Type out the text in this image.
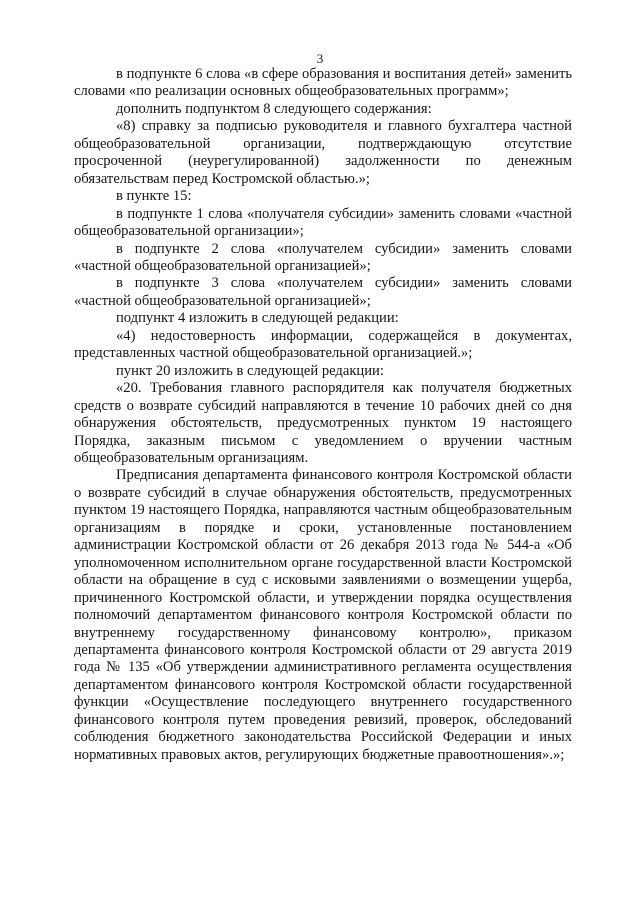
3

в подпункте 6 слова «в сфере образования и воспитания детей» заменить словами «по реализации основных общеобразовательных программ»;

дополнить подпунктом 8 следующего содержания:

«8) справку за подписью руководителя и главного бухгалтера частной общеобразовательной организации, подтверждающую отсутствие просроченной (неурегулированной) задолженности по денежным обязательствам перед Костромской областью.»;

в пункте 15:

в подпункте 1 слова «получателя субсидии» заменить словами «частной общеобразовательной организации»;

в подпункте 2 слова «получателем субсидии» заменить словами «частной общеобразовательной организацией»;

в подпункте 3 слова «получателем субсидии» заменить словами «частной общеобразовательной организацией»;

подпункт 4 изложить в следующей редакции:

«4) недостоверность информации, содержащейся в документах, представленных частной общеобразовательной организацией.»;

пункт 20 изложить в следующей редакции:

«20. Требования главного распорядителя как получателя бюджетных средств о возврате субсидий направляются в течение 10 рабочих дней со дня обнаружения обстоятельств, предусмотренных пунктом 19 настоящего Порядка, заказным письмом с уведомлением о вручении частным общеобразовательным организациям.

Предписания департамента финансового контроля Костромской области о возврате субсидий в случае обнаружения обстоятельств, предусмотренных пунктом 19 настоящего Порядка, направляются частным общеобразовательным организациям в порядке и сроки, установленные постановлением администрации Костромской области от 26 декабря 2013 года № 544-а «Об уполномоченном исполнительном органе государственной власти Костромской области на обращение в суд с исковыми заявлениями о возмещении ущерба, причиненного Костромской области, и утверждении порядка осуществления полномочий департаментом финансового контроля Костромской области по внутреннему государственному финансовому контролю», приказом департамента финансового контроля Костромской области от 29 августа 2019 года № 135 «Об утверждении административного регламента осуществления департаментом финансового контроля Костромской области государственной функции «Осуществление последующего внутреннего государственного финансового контроля путем проведения ревизий, проверок, обследований соблюдения бюджетного законодательства Российской Федерации и иных нормативных правовых актов, регулирующих бюджетные правоотношения».»;
